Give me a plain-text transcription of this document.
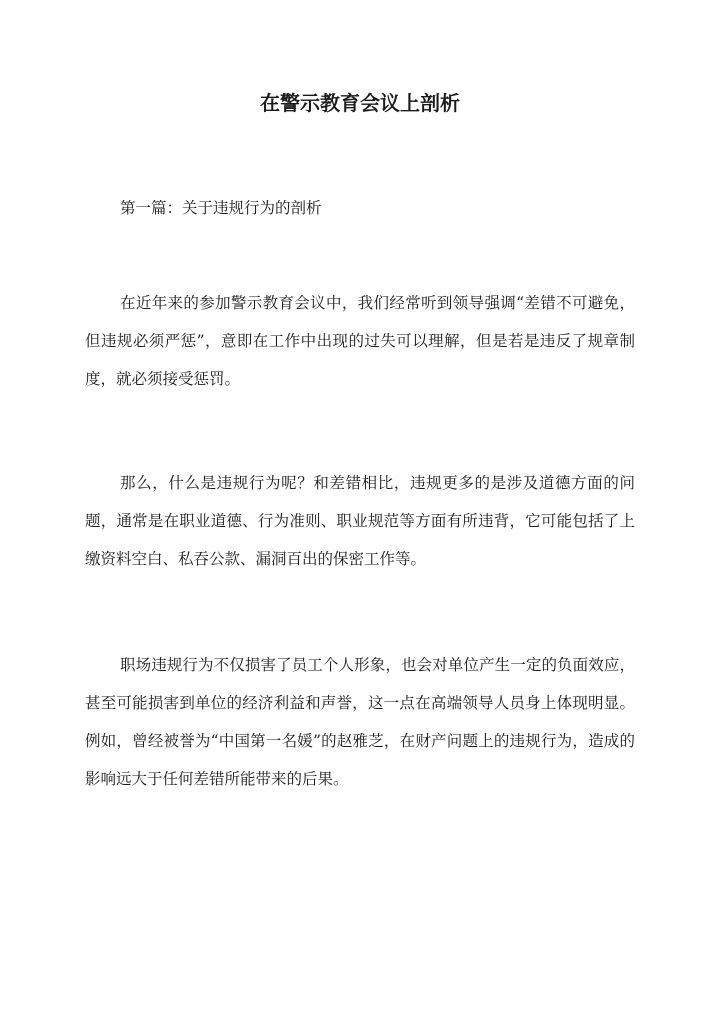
在警示教育会议上剖析

第一篇：关于违规行为的剖析

在近年来的参加警示教育会议中，我们经常听到领导强调“差错不可避免，但违规必须严惩”，意即在工作中出现的过失可以理解，但是若是违反了规章制度，就必须接受惩罚。

那么，什么是违规行为呢？和差错相比，违规更多的是涉及道德方面的问题，通常是在职业道德、行为准则、职业规范等方面有所违背，它可能包括了上缴资料空白、私吞公款、漏洞百出的保密工作等。

职场违规行为不仅损害了员工个人形象，也会对单位产生一定的负面效应，甚至可能损害到单位的经济利益和声誉，这一点在高端领导人员身上体现明显。例如，曾经被誉为“中国第一名媛”的赵雅芝，在财产问题上的违规行为，造成的影响远大于任何差错所能带来的后果。
